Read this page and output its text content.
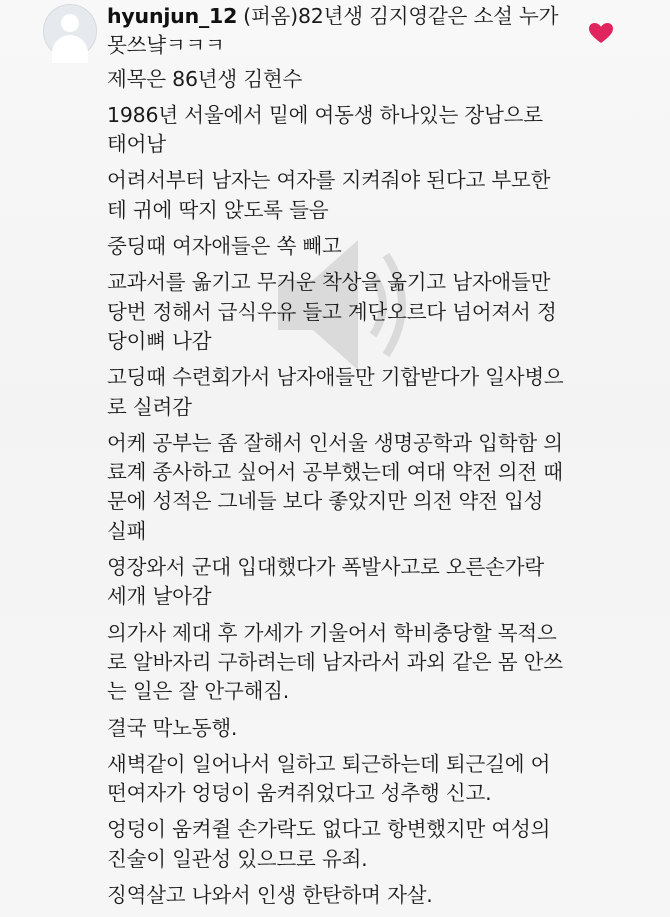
hyunjun_12 (퍼옴)82년생 김지영같은 소설 누가 못쓰냨ㅋㅋㅋ

제목은 86년생 김현수

1986년 서울에서 밑에 여동생 하나있는 장남으로 태어남

어려서부터 남자는 여자를 지켜줘야 된다고 부모한테 귀에 딱지 앉도록 들음

중딩때 여자애들은 쏙 빼고

교과서를 옮기고 무거운 착상을 옮기고 남자애들만 당번 정해서 급식우유 들고 계단오르다 넘어져서 정당이뼈 나감

고딩때 수련회가서 남자애들만 기합받다가 일사병으로 실려감

어케 공부는 좀 잘해서 인서울 생명공학과 입학함 의료계 종사하고 싶어서 공부했는데 여대 약전 의전 때문에 성적은 그네들 보다 좋았지만 의전 약전 입성 실패

영장와서 군대 입대했다가 폭발사고로 오른손가락 세개 날아감

의가사 제대 후 가세가 기울어서 학비충당할 목적으로 알바자리 구하려는데 남자라서 과외 같은 몸 안쓰는 일은 잘 안구해짐.

결국 막노동행.

새벽같이 일어나서 일하고 퇴근하는데 퇴근길에 어떤여자가 엉덩이 움켜쥐었다고 성추행 신고.

엉덩이 움켜쥘 손가락도 없다고 항변했지만 여성의 진술이 일관성 있으므로 유죄.

징역살고 나와서 인생 한탄하며 자살.
